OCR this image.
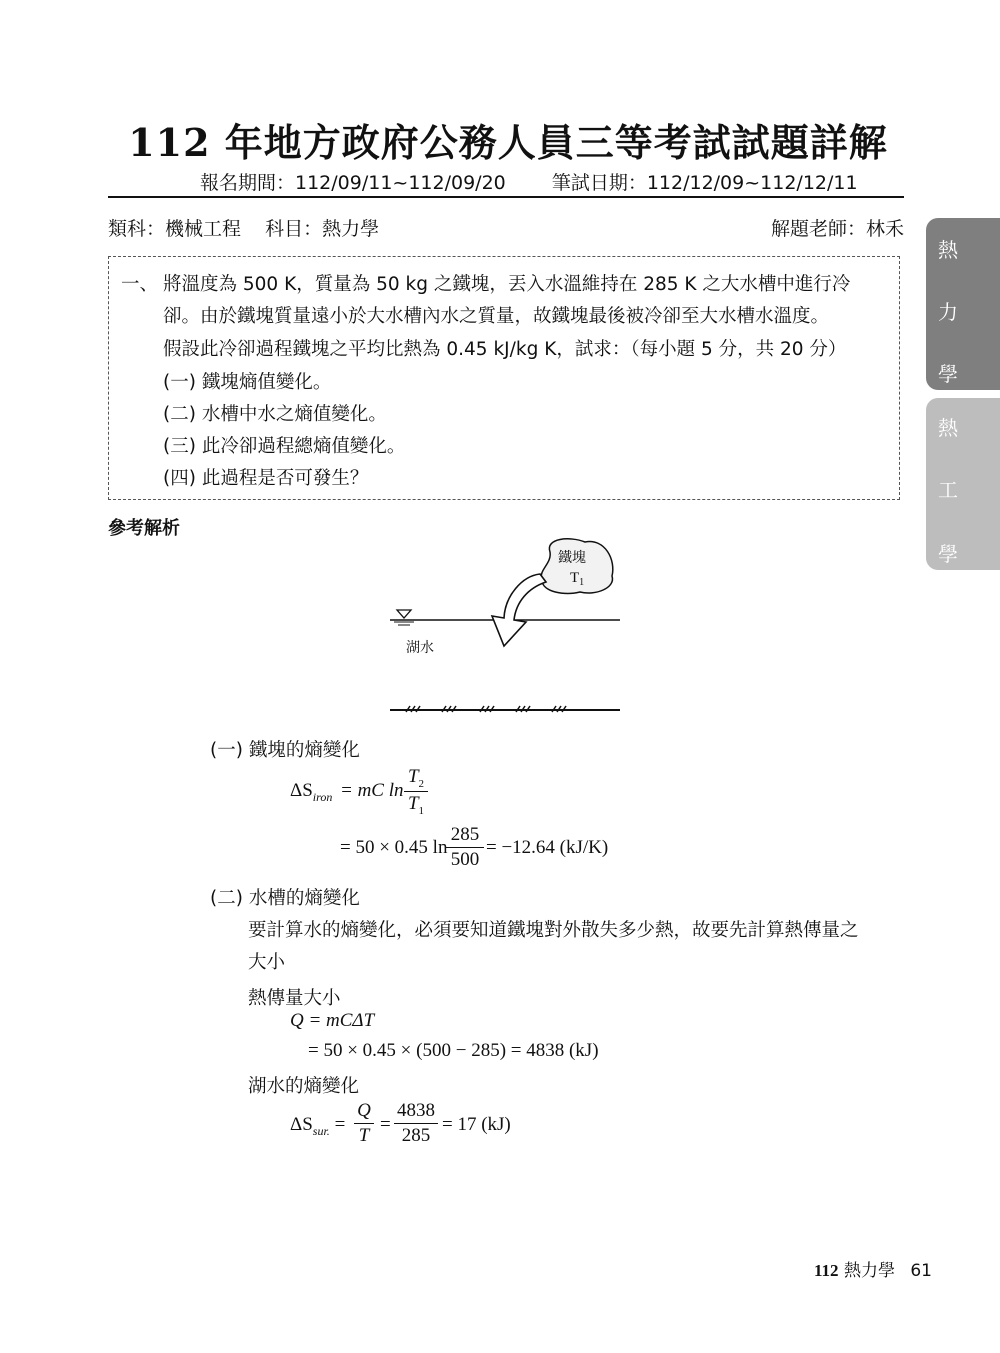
112 年地方政府公務人員三等考試試題詳解
報名期間：112/09/11~112/09/20 筆試日期：112/12/09~112/12/11
類科：機械工程 科目：熱力學	解題老師：林禾
熱
力
學
熱
工
學
一、 將溫度為 500 K，質量為 50 kg 之鐵塊，丟入水溫維持在 285 K 之大水槽中進行冷
卻。由於鐵塊質量遠小於大水槽內水之質量，故鐵塊最後被冷卻至大水槽水溫度。
假設此冷卻過程鐵塊之平均比熱為 0.45 kJ/kg K，試求：（每小題 5 分，共 20 分）
(一) 鐵塊熵值變化。
(二) 水槽中水之熵值變化。
(三) 此冷卻過程總熵值變化。
(四) 此過程是否可發生？
參考解析
鐵塊
$T_1$
湖水
(一) 鐵塊的熵變化
$\Delta S_{iron}$ = mC ln
$T_2$
$T_1$
= 50 × 0.45 ln
285
500
= −12.64 (kJ/K)
(二) 水槽的熵變化
要計算水的熵變化，必須要知道鐵塊對外散失多少熱，故要先計算熱傳量之
大小
熱傳量大小
Q = mCΔT
= 50 × 0.45 × (500 − 285) = 4838 (kJ)
湖水的熵變化
$\Delta S_{sur.}$ =
Q
T
=
4838
285
= 17 (kJ)
112 熱力學 61
